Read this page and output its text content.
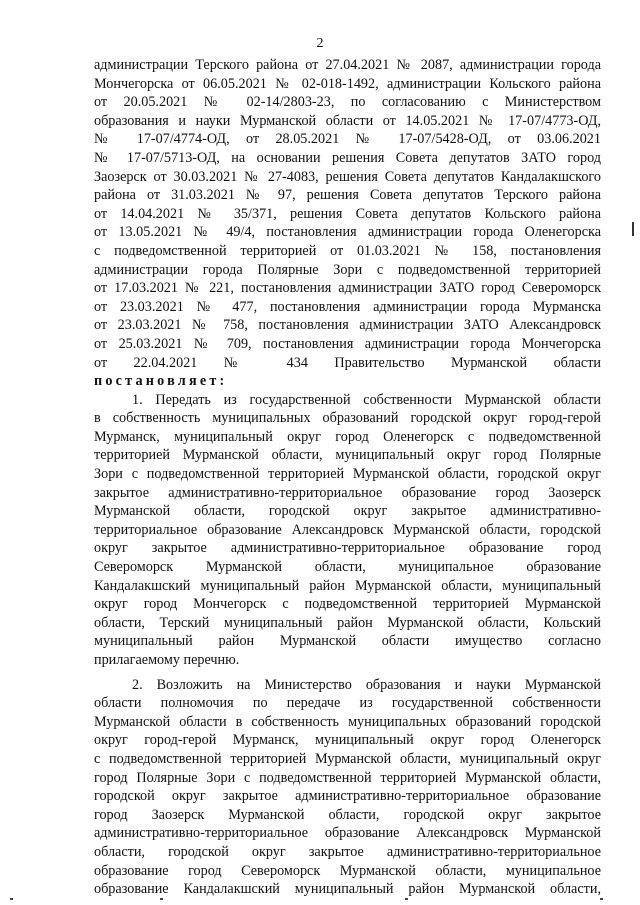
2
администрации Терского района от 27.04.2021 № 2087, администрации города
Мончегорска от 06.05.2021 № 02-018-1492, администрации Кольского района
от 20.05.2021 № 02-14/2803-23, по согласованию с Министерством
образования и науки Мурманской области от 14.05.2021 № 17-07/4773-ОД,
№ 17-07/4774-ОД, от 28.05.2021 № 17-07/5428-ОД, от 03.06.2021
№ 17-07/5713-ОД, на основании решения Совета депутатов ЗАТО город
Заозерск от 30.03.2021 № 27-4083, решения Совета депутатов Кандалакшского
района от 31.03.2021 № 97, решения Совета депутатов Терского района
от 14.04.2021 № 35/371, решения Совета депутатов Кольского района
от 13.05.2021 № 49/4, постановления администрации города Оленегорска
с подведомственной территорией от 01.03.2021 № 158, постановления
администрации города Полярные Зори с подведомственной территорией
от 17.03.2021 № 221, постановления администрации ЗАТО город Североморск
от 23.03.2021 № 477, постановления администрации города Мурманска
от 23.03.2021 № 758, постановления администрации ЗАТО Александровск
от 25.03.2021 № 709, постановления администрации города Мончегорска
от 22.04.2021 № 434 Правительство Мурманской области
постановляет:
1. Передать из государственной собственности Мурманской области
в собственность муниципальных образований городской округ город-герой
Мурманск, муниципальный округ город Оленегорск с подведомственной
территорией Мурманской области, муниципальный округ город Полярные
Зори с подведомственной территорией Мурманской области, городской округ
закрытое административно-территориальное образование город Заозерск
Мурманской области, городской округ закрытое административно-
территориальное образование Александровск Мурманской области, городской
округ закрытое административно-территориальное образование город
Североморск Мурманской области, муниципальное образование
Кандалакшский муниципальный район Мурманской области, муниципальный
округ город Мончегорск с подведомственной территорией Мурманской
области, Терский муниципальный район Мурманской области, Кольский
муниципальный район Мурманской области имущество согласно
прилагаемому перечню.
2. Возложить на Министерство образования и науки Мурманской
области полномочия по передаче из государственной собственности
Мурманской области в собственность муниципальных образований городской
округ город-герой Мурманск, муниципальный округ город Оленегорск
с подведомственной территорией Мурманской области, муниципальный округ
город Полярные Зори с подведомственной территорией Мурманской области,
городской округ закрытое административно-территориальное образование
город Заозерск Мурманской области, городской округ закрытое
административно-территориальное образование Александровск Мурманской
области, городской округ закрытое административно-территориальное
образование город Североморск Мурманской области, муниципальное
образование Кандалакшский муниципальный район Мурманской области,
